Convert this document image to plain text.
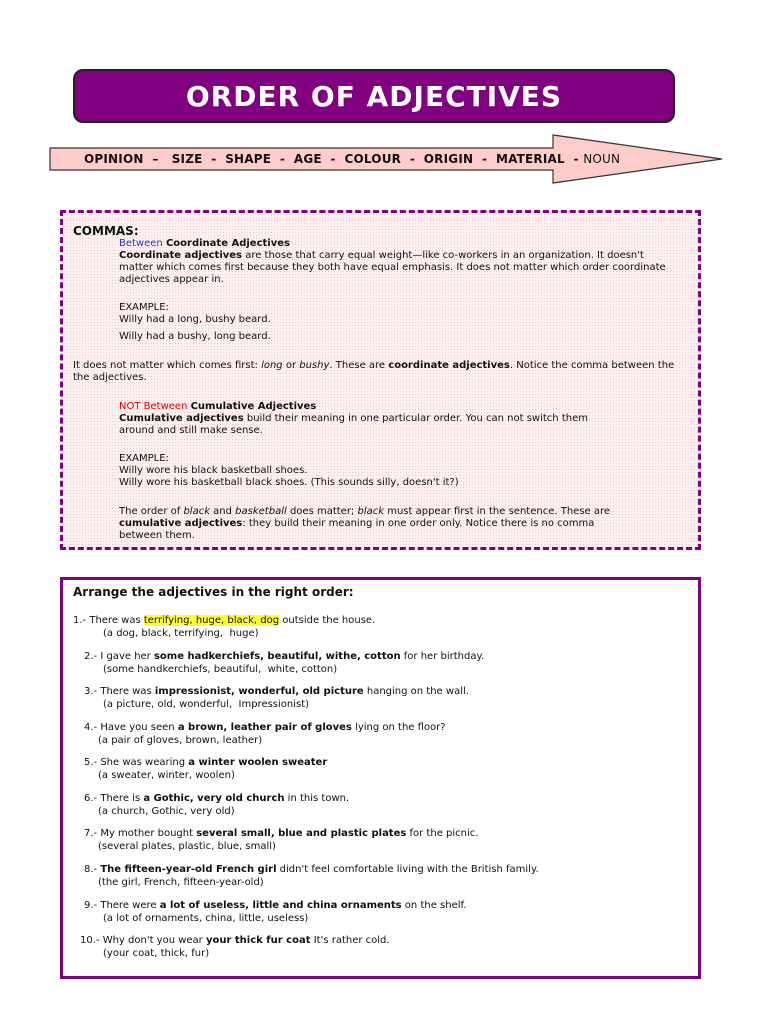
ORDER OF ADJECTIVES
OPINION  –   SIZE  -  SHAPE  -  AGE  -  COLOUR  -  ORIGIN  -  MATERIAL  - NOUN
COMMAS:
Between Coordinate Adjectives
Coordinate adjectives are those that carry equal weight—like co-workers in an organization. It doesn't
matter which comes first because they both have equal emphasis. It does not matter which order coordinate
adjectives appear in.
EXAMPLE:
Willy had a long, bushy beard.
Willy had a bushy, long beard.
It does not matter which comes first: long or bushy. These are coordinate adjectives. Notice the comma between the
the adjectives.
NOT Between Cumulative Adjectives
Cumulative adjectives build their meaning in one particular order. You can not switch them
around and still make sense.
EXAMPLE:
Willy wore his black basketball shoes.
Willy wore his basketball black shoes. (This sounds silly, doesn't it?)
The order of black and basketball does matter; black must appear first in the sentence. These are
cumulative adjectives: they build their meaning in one order only. Notice there is no comma
between them.
Arrange the adjectives in the right order:
1.- There was terrifying, huge, black, dog outside the house.
(a dog, black, terrifying,  huge)
2.- I gave her some hadkerchiefs, beautiful, withe, cotton for her birthday.
(some handkerchiefs, beautiful,  white, cotton)
3.- There was impressionist, wonderful, old picture hanging on the wall.
(a picture, old, wonderful,  Impressionist)
4.- Have you seen a brown, leather pair of gloves lying on the floor?
(a pair of gloves, brown, leather)
5.- She was wearing a winter woolen sweater
(a sweater, winter, woolen)
6.- There is a Gothic, very old church in this town.
(a church, Gothic, very old)
7.- My mother bought several small, blue and plastic plates for the picnic.
(several plates, plastic, blue, small)
8.- The fifteen-year-old French girl didn't feel comfortable living with the British family.
(the girl, French, fifteen-year-old)
9.- There were a lot of useless, little and china ornaments on the shelf.
(a lot of ornaments, china, little, useless)
10.- Why don't you wear your thick fur coat It's rather cold.
(your coat, thick, fur)
